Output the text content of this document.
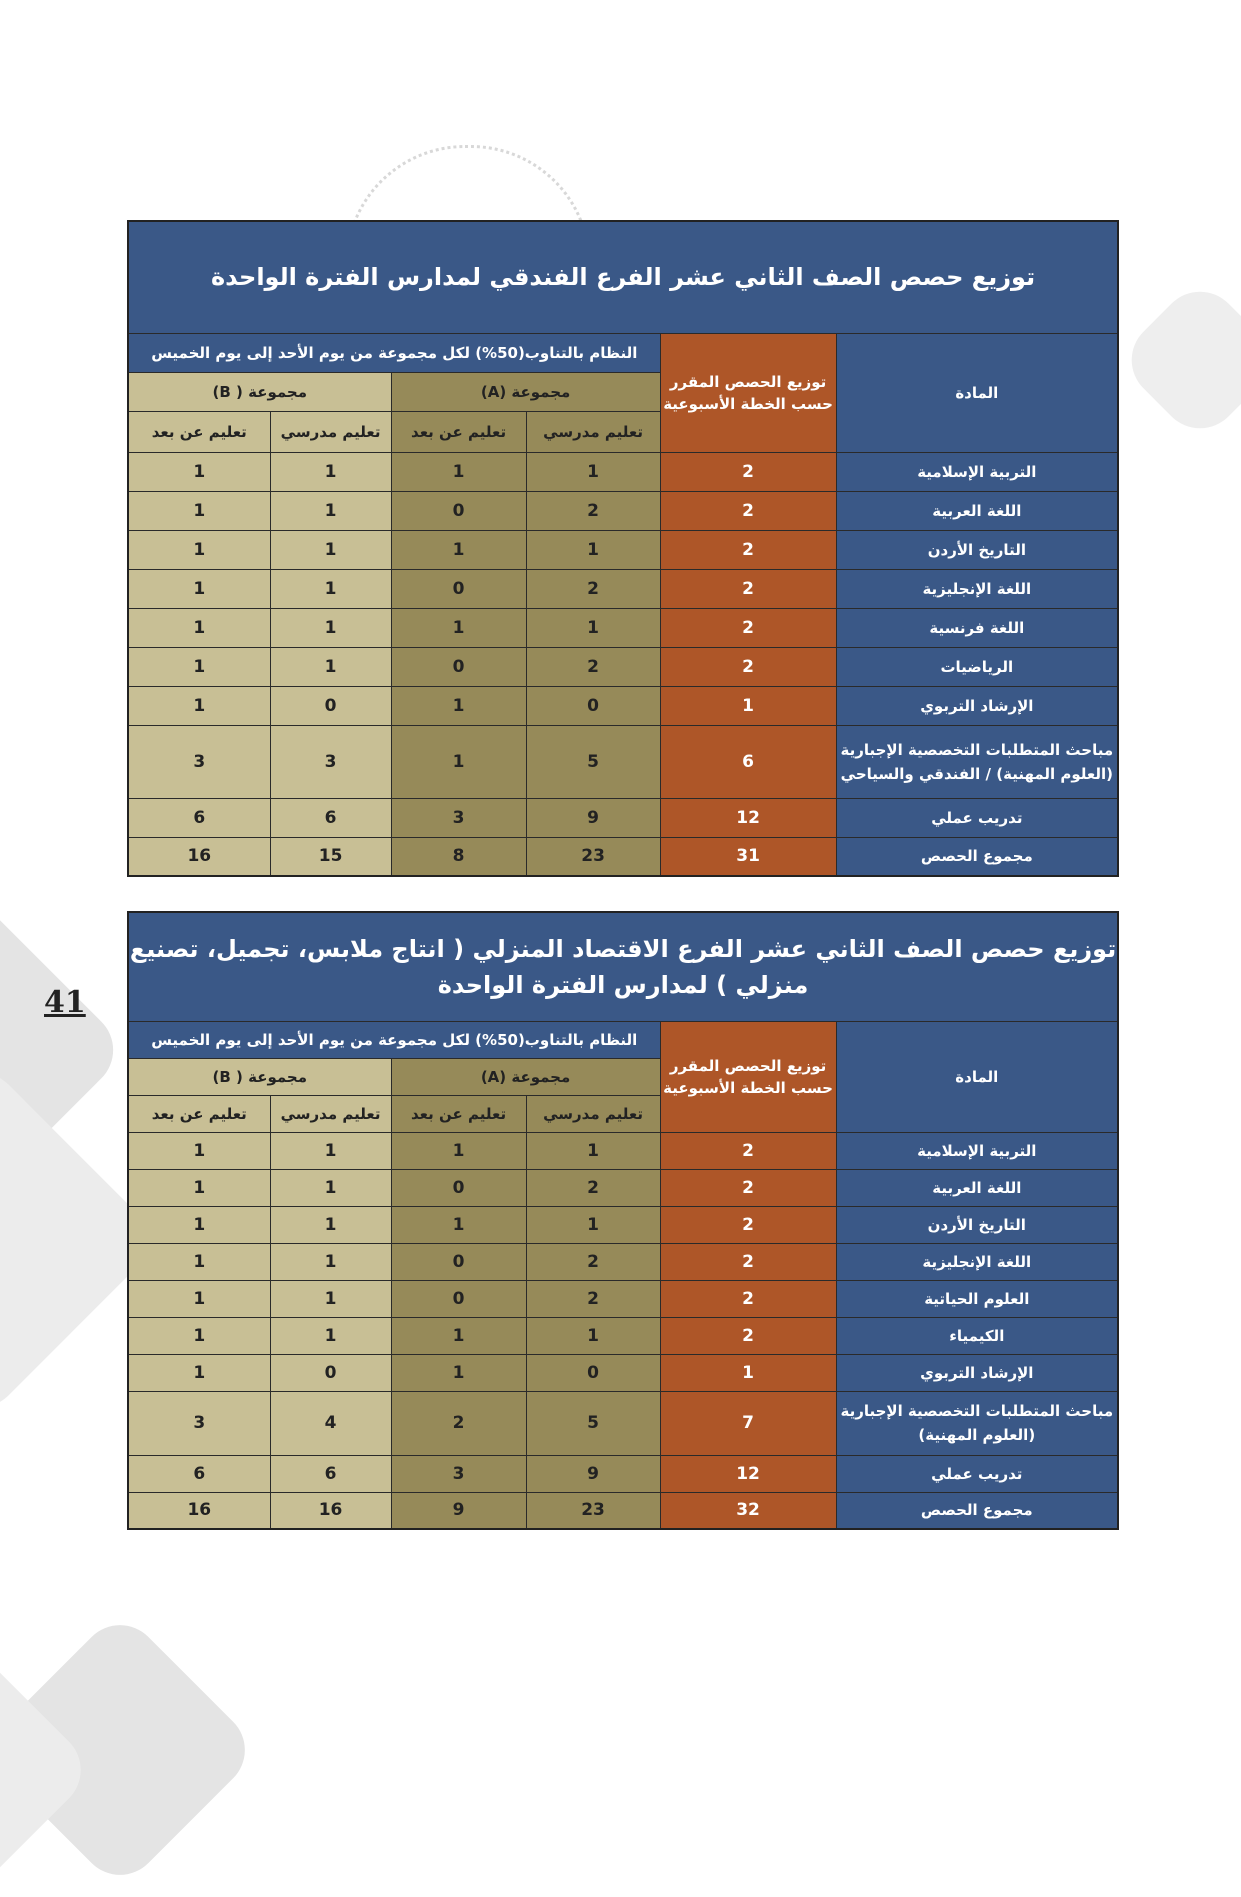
41
توزيع حصص الصف الثاني عشر الفرع الفندقي لمدارس الفترة الواحدة					
المادة	توزيع الحصص المقرر حسب الخطة الأسبوعية	النظام بالتناوب(50%) لكل مجموعة من يوم الأحد إلى يوم الخميس			
		مجموعة (A)		مجموعة ( B)	
		تعليم مدرسي	تعليم عن بعد	تعليم مدرسي	تعليم عن بعد
التربية الإسلامية	2	1	1	1	1
اللغة العربية	2	2	0	1	1
التاريخ الأردن	2	1	1	1	1
اللغة الإنجليزية	2	2	0	1	1
اللغة فرنسية	2	1	1	1	1
الرياضيات	2	2	0	1	1
الإرشاد التربوي	1	0	1	0	1
مباحث المتطلبات التخصصية الإجبارية (العلوم المهنية) / الفندقي والسياحي	6	5	1	3	3
تدريب عملي	12	9	3	6	6
مجموع الحصص	31	23	8	15	16
توزيع حصص الصف الثاني عشر الفرع الاقتصاد المنزلي ( انتاج ملابس، تجميل، تصنيع منزلي ) لمدارس الفترة الواحدة					
المادة	توزيع الحصص المقرر حسب الخطة الأسبوعية	النظام بالتناوب(50%) لكل مجموعة من يوم الأحد إلى يوم الخميس			
		مجموعة (A)		مجموعة ( B)	
		تعليم مدرسي	تعليم عن بعد	تعليم مدرسي	تعليم عن بعد
التربية الإسلامية	2	1	1	1	1
اللغة العربية	2	2	0	1	1
التاريخ الأردن	2	1	1	1	1
اللغة الإنجليزية	2	2	0	1	1
العلوم الحياتية	2	2	0	1	1
الكيمياء	2	1	1	1	1
الإرشاد التربوي	1	0	1	0	1
مباحث المتطلبات التخصصية الإجبارية (العلوم المهنية)	7	5	2	4	3
تدريب عملي	12	9	3	6	6
مجموع الحصص	32	23	9	16	16
